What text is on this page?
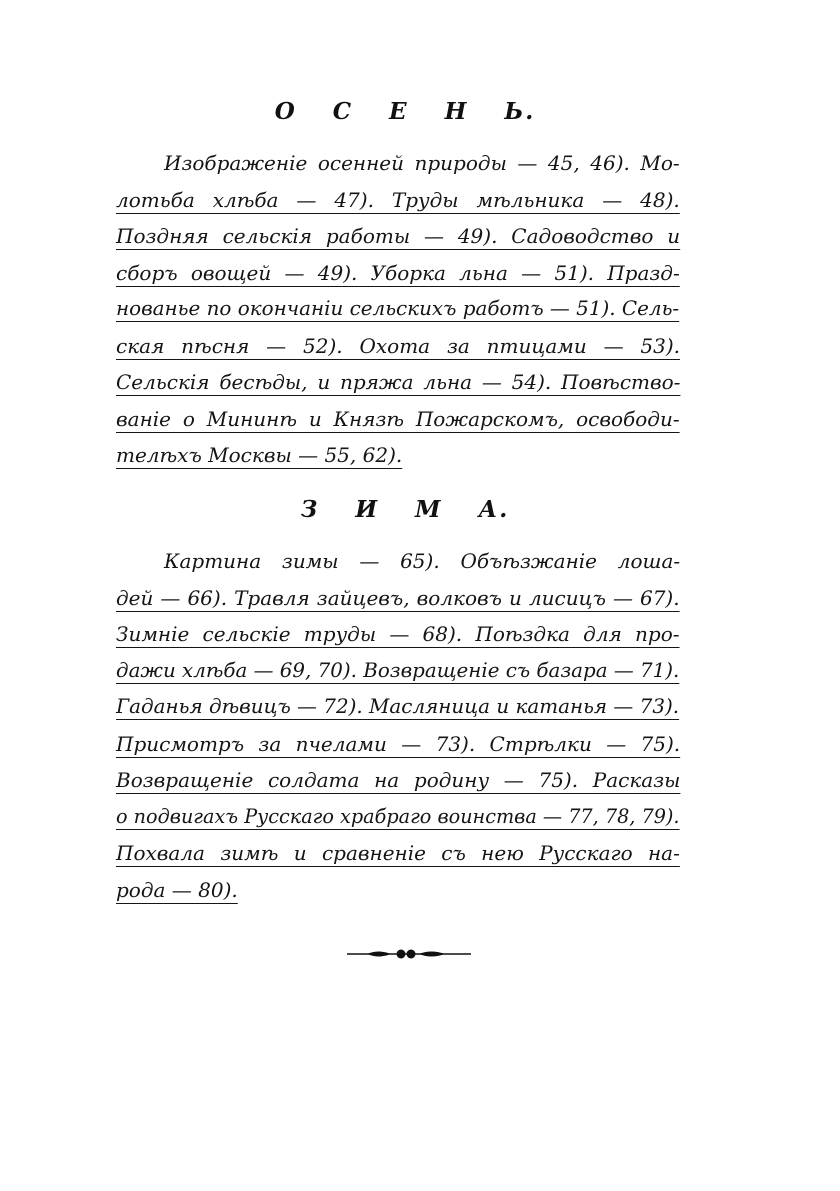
О С Е Н Ь.
Изображеніе осенней природы — 45, 46). Мо-
лотьба хлѣба — 47). Труды мѣльника — 48).
Поздняя сельскія работы — 49). Садоводство и
сборъ овощей — 49). Уборка льна — 51). Празд-
нованье по окончаніи сельскихъ работъ — 51). Сель-
ская пѣсня — 52). Охота за птицами — 53).
Сельскія бесѣды, и пряжа льна — 54). Повѣство-
ваніе о Мининѣ и Князѣ Пожарскомъ, освободи-
телѣхъ Москвы — 55, 62).
З И М А.
Картина зимы — 65). Объѣзжаніе лоша-
дей — 66). Травля зайцевъ, волковъ и лисицъ — 67).
Зимніе сельскіе труды — 68). Поѣздка для про-
дажи хлѣба — 69, 70). Возвращеніе съ базара — 71).
Гаданья дѣвицъ — 72). Масляница и катанья — 73).
Присмотръ за пчелами — 73). Стрѣлки — 75).
Возвращеніе солдата на родину — 75). Расказы
о подвигахъ Русскаго храбраго воинства — 77, 78, 79).
Похвала зимѣ и сравненіе съ нею Русскаго на-
рода — 80).
